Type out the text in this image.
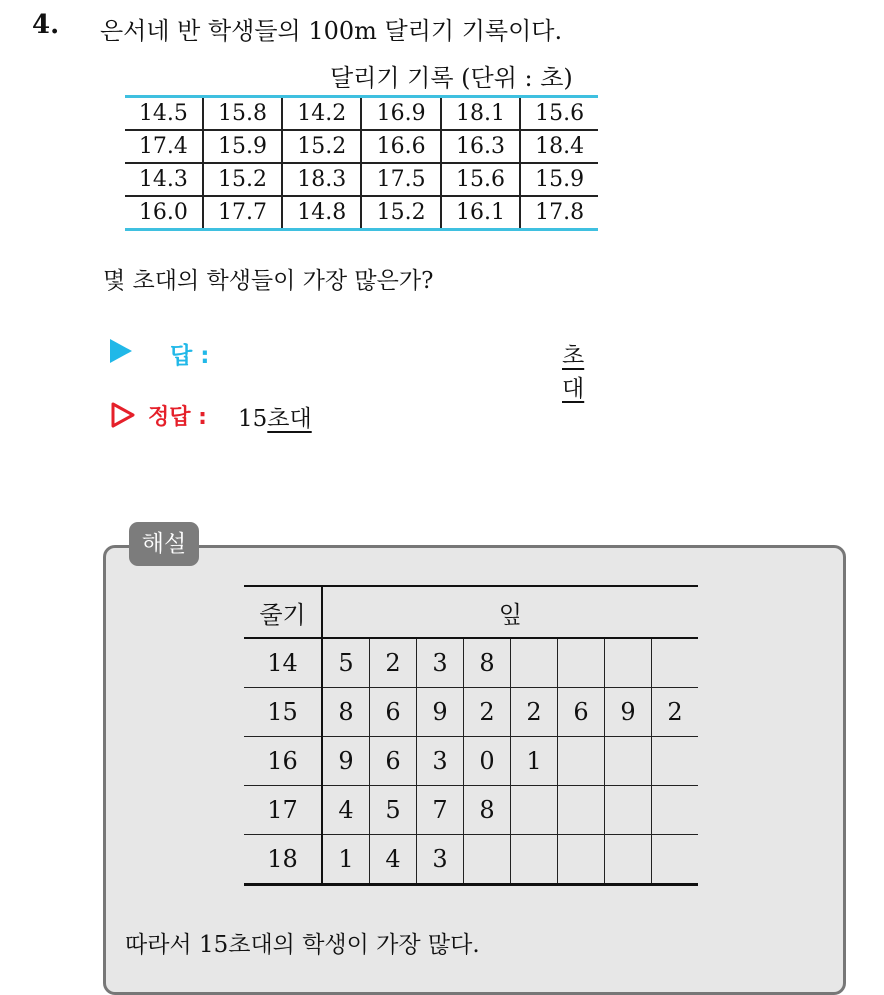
4. 은서네 반 학생들의 100m 달리기 기록이다.
달리기 기록 (단위 : 초)
14.5	15.8	14.2	16.9	18.1	15.6
17.4	15.9	15.2	16.6	16.3	18.4
14.3	15.2	18.3	17.5	15.6	15.9
16.0	17.7	14.8	15.2	16.1	17.8
몇 초대의 학생들이 가장 많은가?
답 :	초대
정답 : 15초대
해설
줄기	잎							
14	5	2	3	8				
15	8	6	9	2	2	6	9	2
16	9	6	3	0	1			
17	4	5	7	8				
18	1	4	3					
따라서 15초대의 학생이 가장 많다.
